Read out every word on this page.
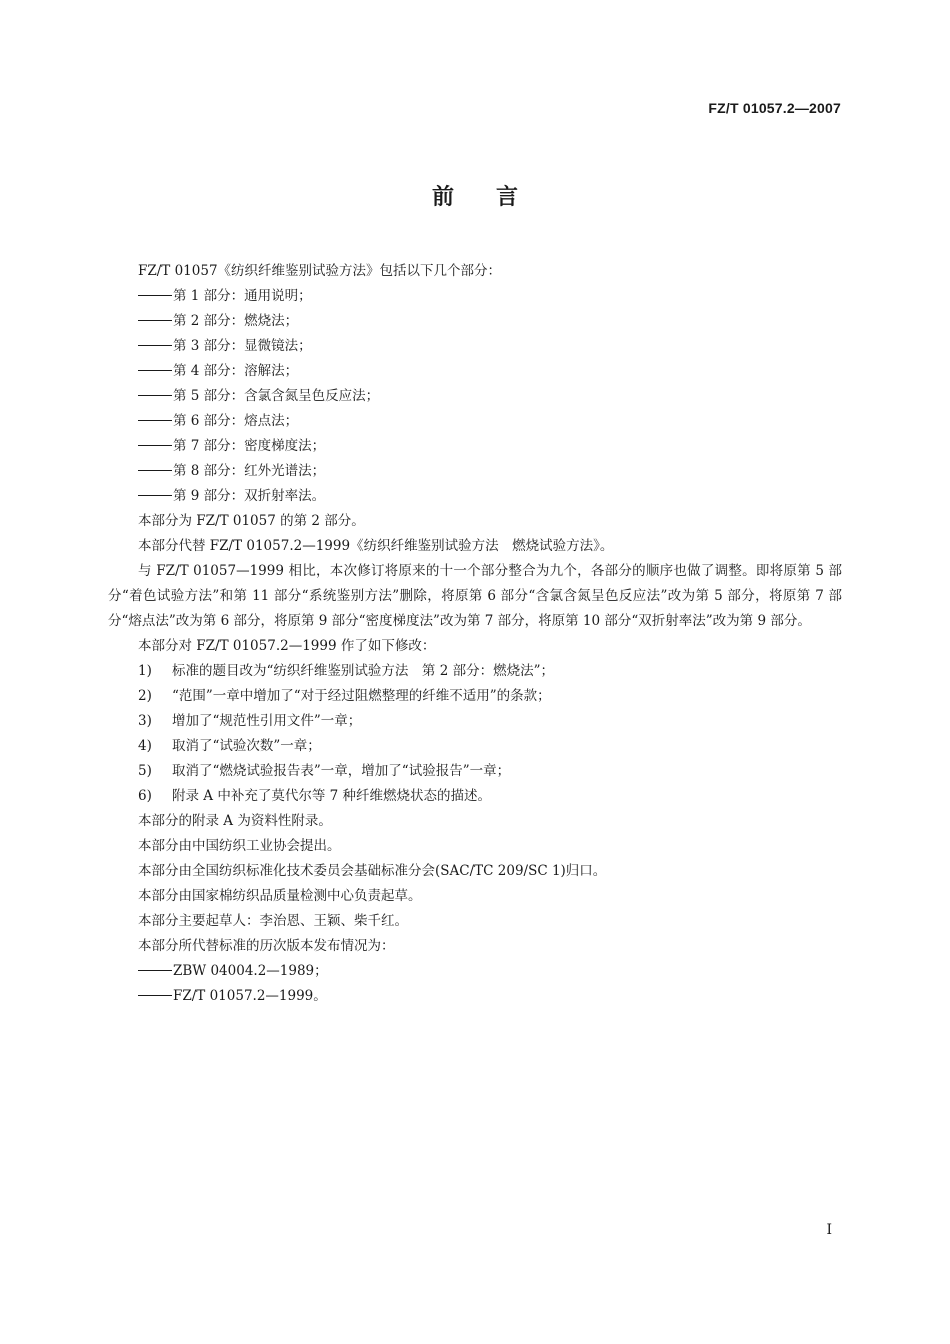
FZ/T 01057.2—2007
前言
FZ/T 01057《纺织纤维鉴别试验方法》包括以下几个部分：
第 1 部分：通用说明；
第 2 部分：燃烧法；
第 3 部分：显微镜法；
第 4 部分：溶解法；
第 5 部分：含氯含氮呈色反应法；
第 6 部分：熔点法；
第 7 部分：密度梯度法；
第 8 部分：红外光谱法；
第 9 部分：双折射率法。
本部分为 FZ/T 01057 的第 2 部分。
本部分代替 FZ/T 01057.2—1999《纺织纤维鉴别试验方法　燃烧试验方法》。
与 FZ/T 01057—1999 相比，本次修订将原来的十一个部分整合为九个，各部分的顺序也做了调整。即将原第 5 部分“着色试验方法”和第 11 部分“系统鉴别方法”删除，将原第 6 部分“含氯含氮呈色反应法”改为第 5 部分，将原第 7 部分“熔点法”改为第 6 部分，将原第 9 部分“密度梯度法”改为第 7 部分，将原第 10 部分“双折射率法”改为第 9 部分。
本部分对 FZ/T 01057.2—1999 作了如下修改：
1) 标准的题目改为“纺织纤维鉴别试验方法　第 2 部分：燃烧法”；
2) “范围”一章中增加了“对于经过阻燃整理的纤维不适用”的条款；
3) 增加了“规范性引用文件”一章；
4) 取消了“试验次数”一章；
5) 取消了“燃烧试验报告表”一章，增加了“试验报告”一章；
6) 附录 A 中补充了莫代尔等 7 种纤维燃烧状态的描述。
本部分的附录 A 为资料性附录。
本部分由中国纺织工业协会提出。
本部分由全国纺织标准化技术委员会基础标准分会(SAC/TC 209/SC 1)归口。
本部分由国家棉纺织品质量检测中心负责起草。
本部分主要起草人：李治恩、王颖、柴千红。
本部分所代替标准的历次版本发布情况为：
ZBW 04004.2—1989；
FZ/T 01057.2—1999。
I
